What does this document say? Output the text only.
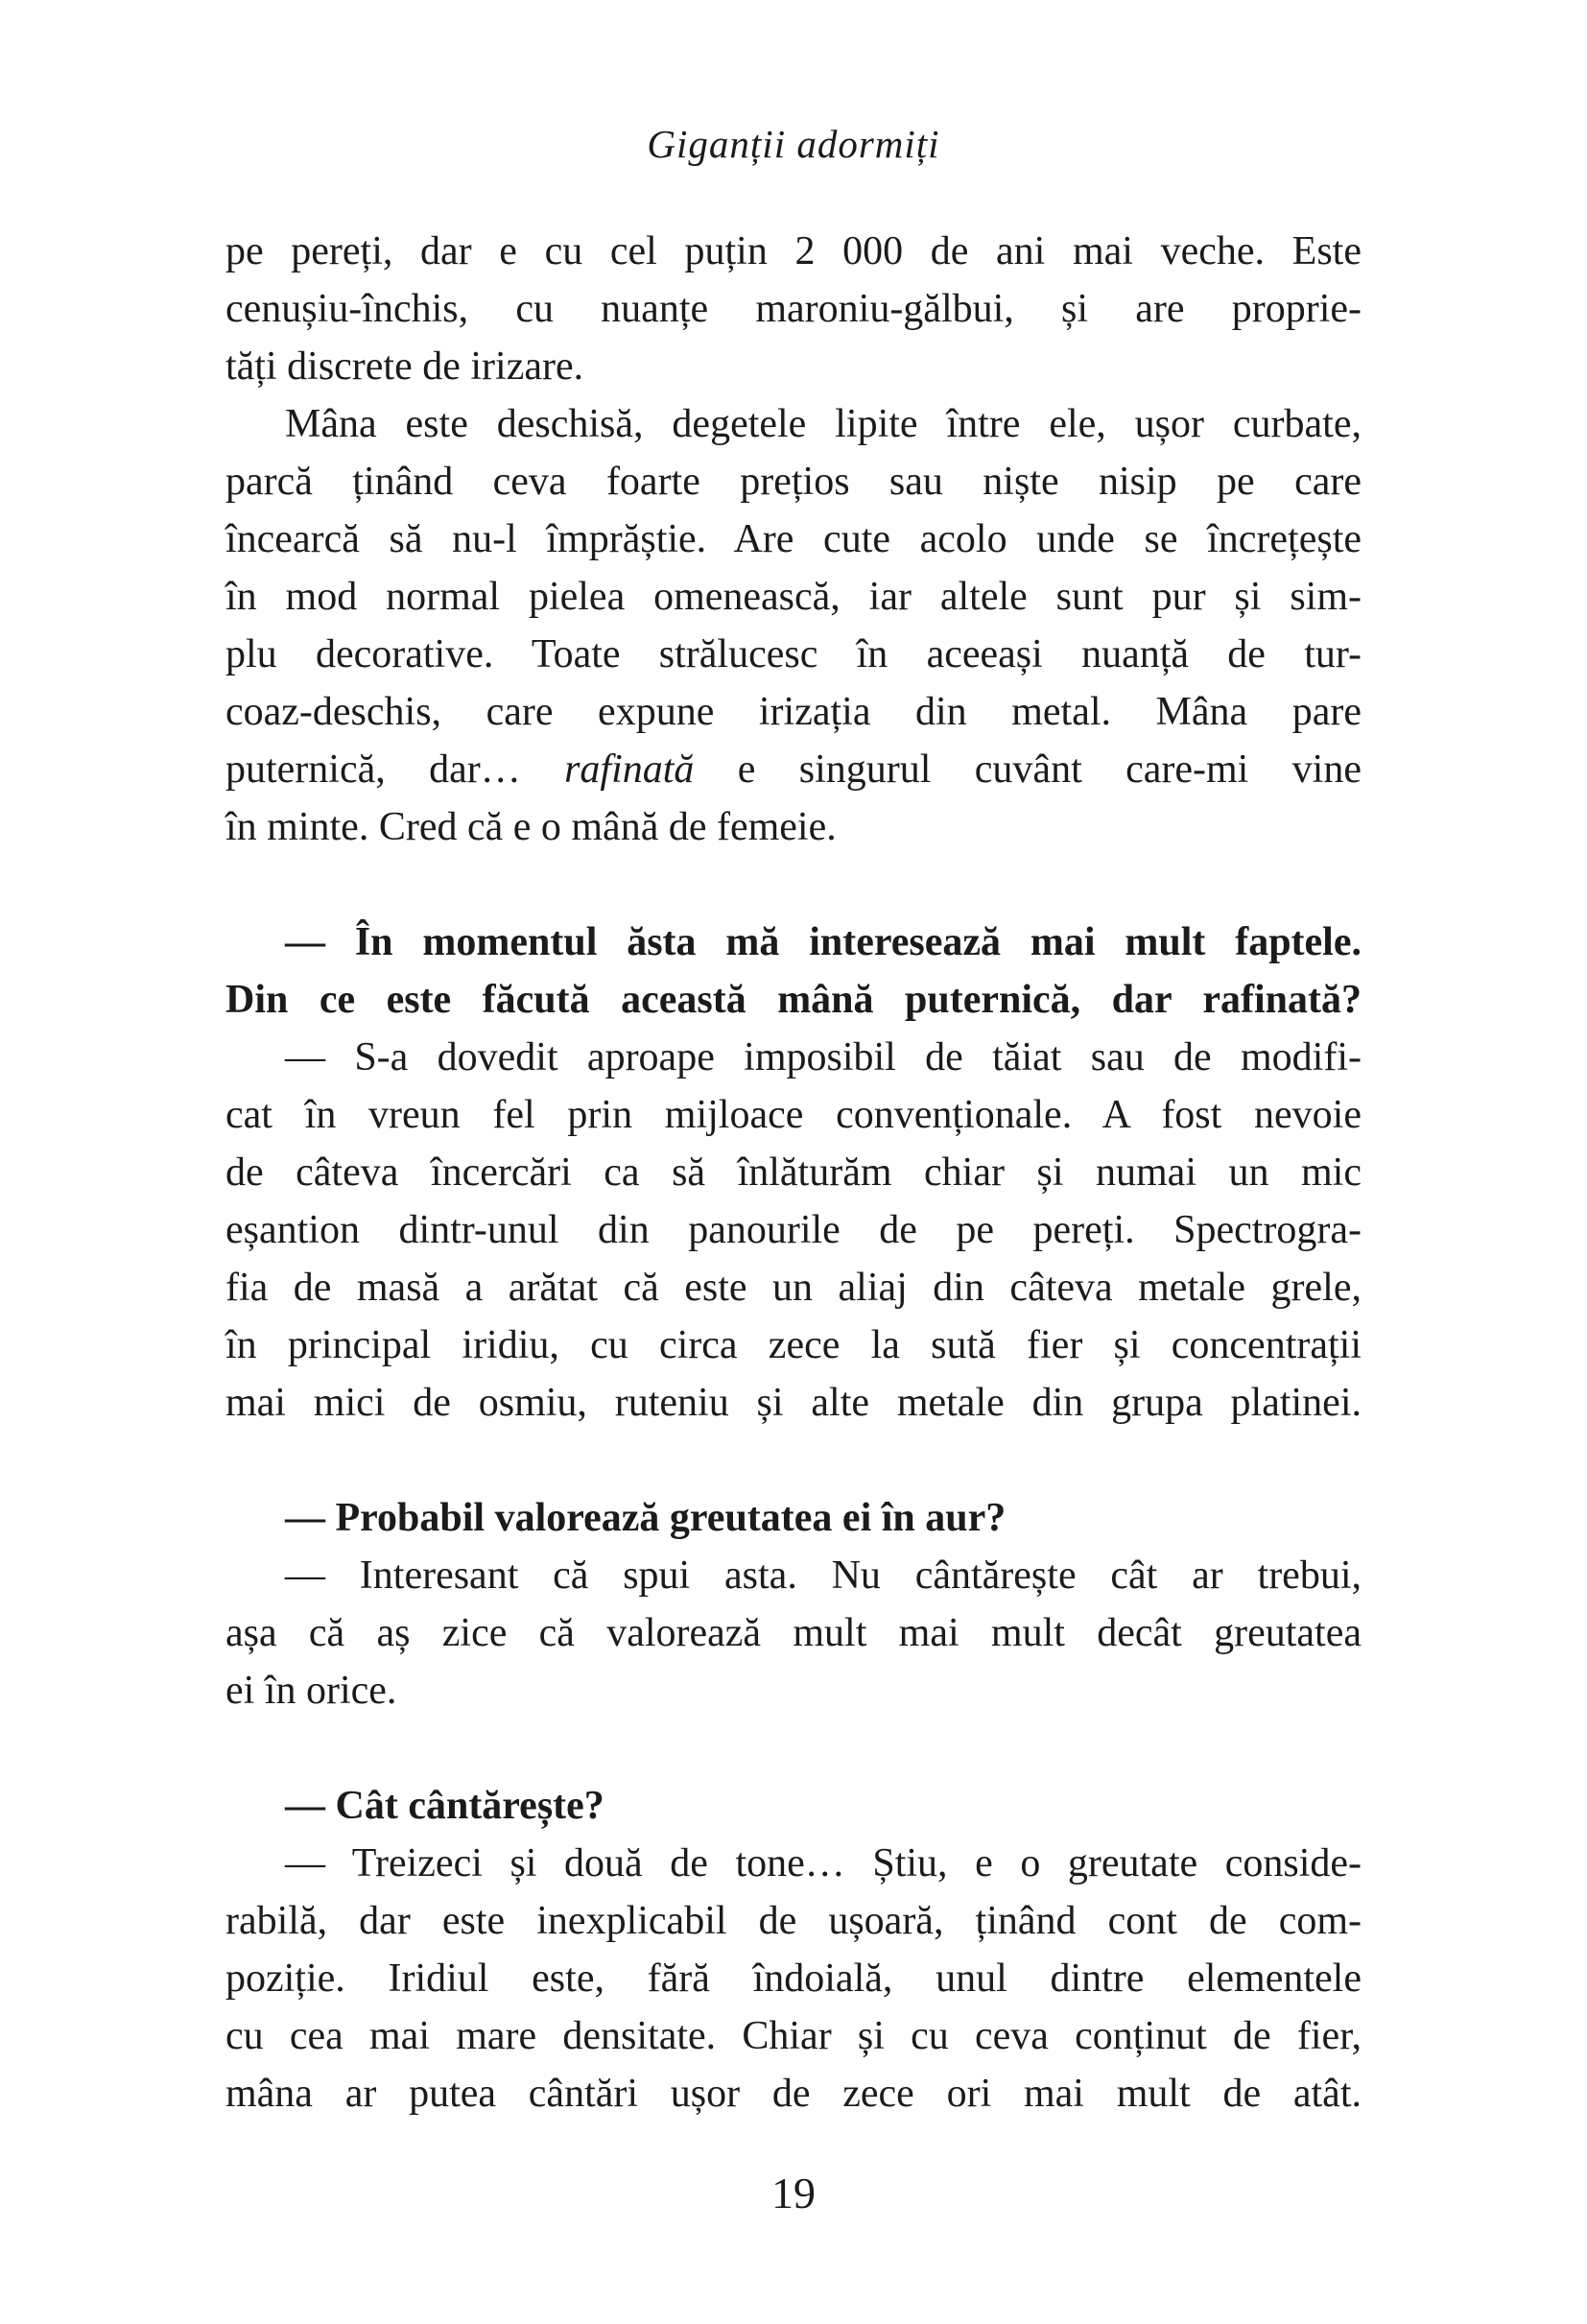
Giganții adormiți
pe pereți, dar e cu cel puțin 2 000 de ani mai veche. Este
cenușiu-închis, cu nuanțe maroniu-gălbui, și are proprie-
tăți discrete de irizare.
Mâna este deschisă, degetele lipite între ele, ușor curbate,
parcă ținând ceva foarte prețios sau niște nisip pe care
încearcă să nu-l împrăștie. Are cute acolo unde se încrețește
în mod normal pielea omenească, iar altele sunt pur și sim-
plu decorative. Toate strălucesc în aceeași nuanță de tur-
coaz-deschis, care expune irizația din metal. Mâna pare
puternică, dar… rafinată e singurul cuvânt care-mi vine
în minte. Cred că e o mână de femeie.
— În momentul ăsta mă interesează mai mult faptele.
Din ce este făcută această mână puternică, dar rafinată?
— S-a dovedit aproape imposibil de tăiat sau de modifi-
cat în vreun fel prin mijloace convenționale. A fost nevoie
de câteva încercări ca să înlăturăm chiar și numai un mic
eșantion dintr-unul din panourile de pe pereți. Spectrogra-
fia de masă a arătat că este un aliaj din câteva metale grele,
în principal iridiu, cu circa zece la sută fier și concentrații
mai mici de osmiu, ruteniu și alte metale din grupa platinei.
— Probabil valorează greutatea ei în aur?
— Interesant că spui asta. Nu cântărește cât ar trebui,
așa că aș zice că valorează mult mai mult decât greutatea
ei în orice.
— Cât cântărește?
— Treizeci și două de tone… Știu, e o greutate conside-
rabilă, dar este inexplicabil de ușoară, ținând cont de com-
poziție. Iridiul este, fără îndoială, unul dintre elementele
cu cea mai mare densitate. Chiar și cu ceva conținut de fier,
mâna ar putea cântări ușor de zece ori mai mult de atât.
19
